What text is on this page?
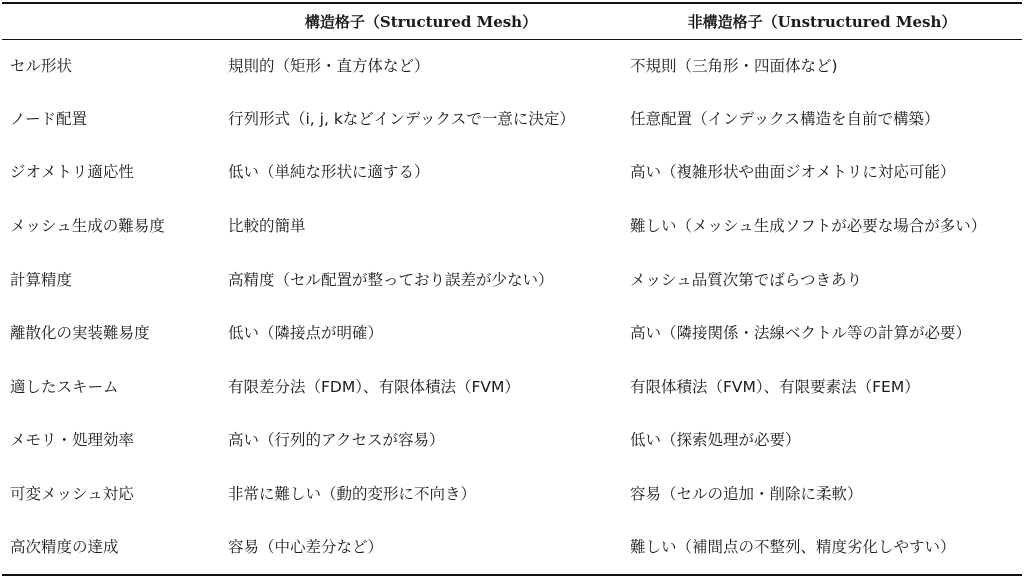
	構造格子（Structured Mesh）	非構造格子（Unstructured Mesh）
セル形状	規則的（矩形・直方体など）	不規則（三角形・四面体など)
ノード配置	行列形式（i, j, kなどインデックスで一意に決定）	任意配置（インデックス構造を自前で構築）
ジオメトリ適応性	低い（単純な形状に適する）	高い（複雑形状や曲面ジオメトリに対応可能）
メッシュ生成の難易度	比較的簡単	難しい（メッシュ生成ソフトが必要な場合が多い）
計算精度	高精度（セル配置が整っており誤差が少ない）	メッシュ品質次第でばらつきあり
離散化の実装難易度	低い（隣接点が明確）	高い（隣接関係・法線ベクトル等の計算が必要）
適したスキーム	有限差分法（FDM）、有限体積法（FVM）	有限体積法（FVM）、有限要素法（FEM）
メモリ・処理効率	高い（行列的アクセスが容易）	低い（探索処理が必要）
可変メッシュ対応	非常に難しい（動的変形に不向き）	容易（セルの追加・削除に柔軟）
高次精度の達成	容易（中心差分など）	難しい（補間点の不整列、精度劣化しやすい）
